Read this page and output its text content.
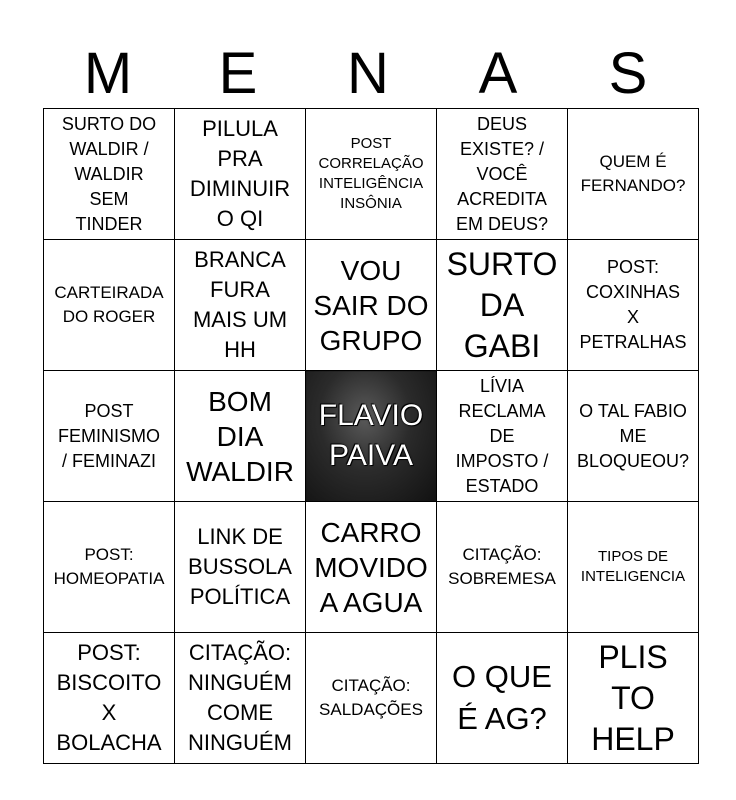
M	E	N	A	S
SURTO DO
WALDIR /
WALDIR
SEM
TINDER	PILULA
PRA
DIMINUIR
O QI	POST
CORRELAÇÃO
INTELIGÊNCIA
INSÔNIA	DEUS
EXISTE? /
VOCÊ
ACREDITA
EM DEUS?	QUEM É
FERNANDO?

CARTEIRADA
DO ROGER	BRANCA
FURA
MAIS UM
HH	VOU
SAIR DO
GRUPO	SURTO
DA
GABI	POST:
COXINHAS
X
PETRALHAS

POST
FEMINISMO
/ FEMINAZI	BOM
DIA
WALDIR	FLAVIO
PAIVA	LÍVIA
RECLAMA
DE
IMPOSTO /
ESTADO	O TAL FABIO
ME
BLOQUEOU?

POST:
HOMEOPATIA	LINK DE
BUSSOLA
POLÍTICA	CARRO
MOVIDO
A AGUA	CITAÇÃO:
SOBREMESA	TIPOS DE
INTELIGENCIA

POST:
BISCOITO
X
BOLACHA	CITAÇÃO:
NINGUÉM
COME
NINGUÉM	CITAÇÃO:
SALDAÇÕES	O QUE
É AG?	PLIS
TO
HELP
